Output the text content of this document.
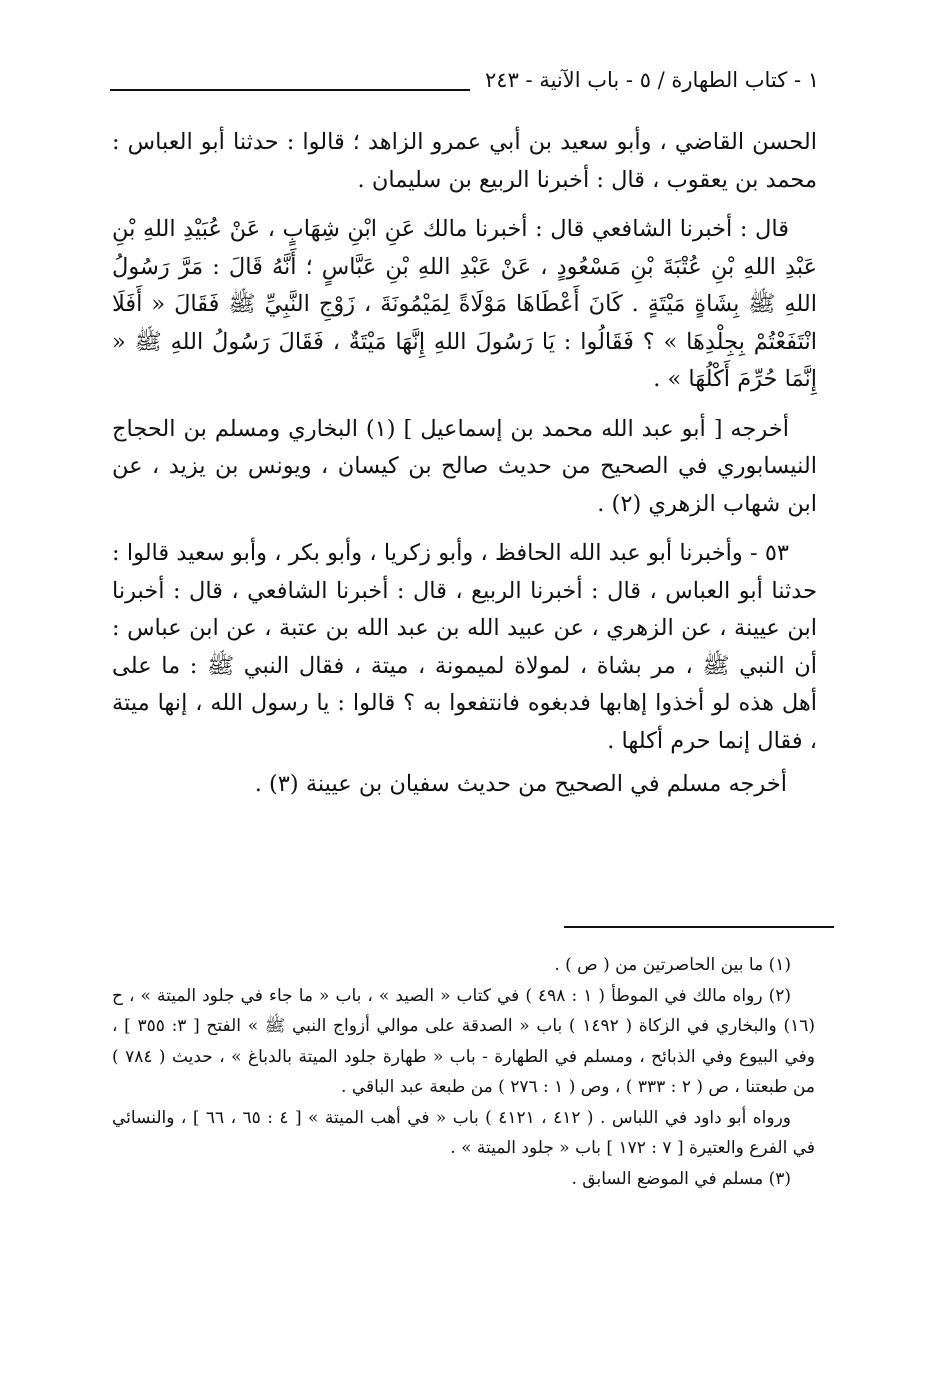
١ - كتاب الطهارة / ٥ - باب الآنية - ٢٤٣

الحسن القاضي ، وأبو سعيد بن أبي عمرو الزاهد ؛ قالوا : حدثنا أبو العباس : محمد بن يعقوب ، قال : أخبرنا الربيع بن سليمان .

قال : أخبرنا الشافعي قال : أخبرنا مالك عَنِ ابْنِ شِهَابٍ ، عَنْ عُبَيْدِ اللهِ بْنِ عَبْدِ اللهِ بْنِ عُتْبَةَ بْنِ مَسْعُودٍ ، عَنْ عَبْدِ اللهِ بْنِ عَبَّاسٍ ؛ أَنَّهُ قَالَ : مَرَّ رَسُولُ اللهِ ﷺ بِشَاةٍ مَيْتَةٍ . كَانَ أَعْطَاهَا مَوْلَاةً لِمَيْمُونَةَ ، زَوْجِ النَّبِيِّ ﷺ فَقَالَ « أَفَلَا انْتَفَعْتُمْ بِجِلْدِهَا » ؟ فَقَالُوا : يَا رَسُولَ اللهِ إِنَّهَا مَيْتَةٌ ، فَقَالَ رَسُولُ اللهِ ﷺ « إِنَّمَا حُرِّمَ أَكْلُهَا » .

أخرجه [ أبو عبد الله محمد بن إسماعيل ] (١) البخاري ومسلم بن الحجاج النيسابوري في الصحيح من حديث صالح بن كيسان ، ويونس بن يزيد ، عن ابن شهاب الزهري (٢) .

٥٣ - وأخبرنا أبو عبد الله الحافظ ، وأبو زكريا ، وأبو بكر ، وأبو سعيد قالوا : حدثنا أبو العباس ، قال : أخبرنا الربيع ، قال : أخبرنا الشافعي ، قال : أخبرنا ابن عيينة ، عن الزهري ، عن عبيد الله بن عبد الله بن عتبة ، عن ابن عباس : أن النبي ﷺ ، مر بشاة ، لمولاة لميمونة ، ميتة ، فقال النبي ﷺ : ما على أهل هذه لو أخذوا إهابها فدبغوه فانتفعوا به ؟ قالوا : يا رسول الله ، إنها ميتة ، فقال إنما حرم أكلها .

أخرجه مسلم في الصحيح من حديث سفيان بن عيينة (٣) .

(١) ما بين الحاصرتين من ( ص ) .

(٢) رواه مالك في الموطأ ( ١ : ٤٩٨ ) في كتاب « الصيد » ، باب « ما جاء في جلود الميتة » ، ح (١٦) والبخاري في الزكاة ( ١٤٩٢ ) باب « الصدقة على موالي أزواج النبي ﷺ » الفتح [ ٣: ٣٥٥ ] ، وفي البيوع وفي الذبائح ، ومسلم في الطهارة - باب « طهارة جلود الميتة بالدباغ » ، حديث ( ٧٨٤ ) من طبعتنا ، ص ( ٢ : ٣٣٣ ) ، وص ( ١ : ٢٧٦ ) من طبعة عبد الباقي .

ورواه أبو داود في اللباس . ( ٤١٢ ، ٤١٢١ ) باب « في أهب الميتة » [ ٤ : ٦٥ ، ٦٦ ] ، والنسائي في الفرع والعتيرة [ ٧ : ١٧٢ ] باب « جلود الميتة » .

(٣) مسلم في الموضع السابق .
